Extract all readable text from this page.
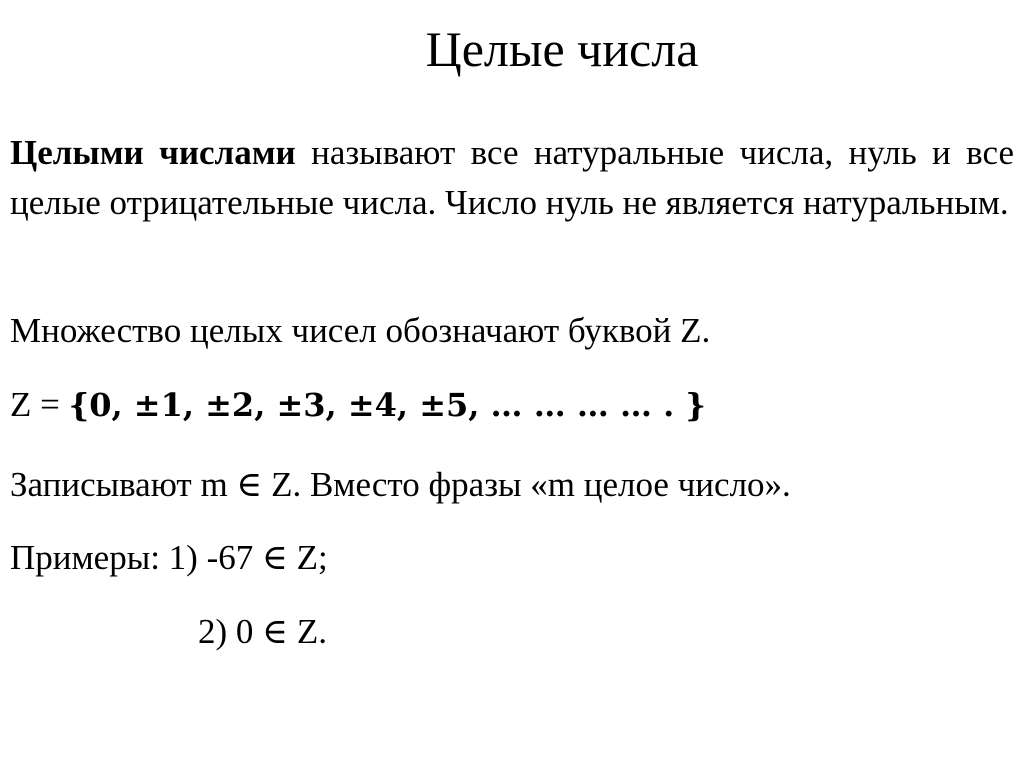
Целые числа

Целыми числами называют все натуральные числа, нуль и все целые отрицательные числа. Число нуль не является натуральным.

Множество целых чисел обозначают буквой Z.
Z = {𝟎, ±𝟏, ±𝟐, ±𝟑, ±𝟒, ±𝟓, … … … … . }
Записывают m ∈ Z. Вместо фразы «m целое число».
Примеры: 1) -67 ∈ Z;
2) 0 ∈ Z.
